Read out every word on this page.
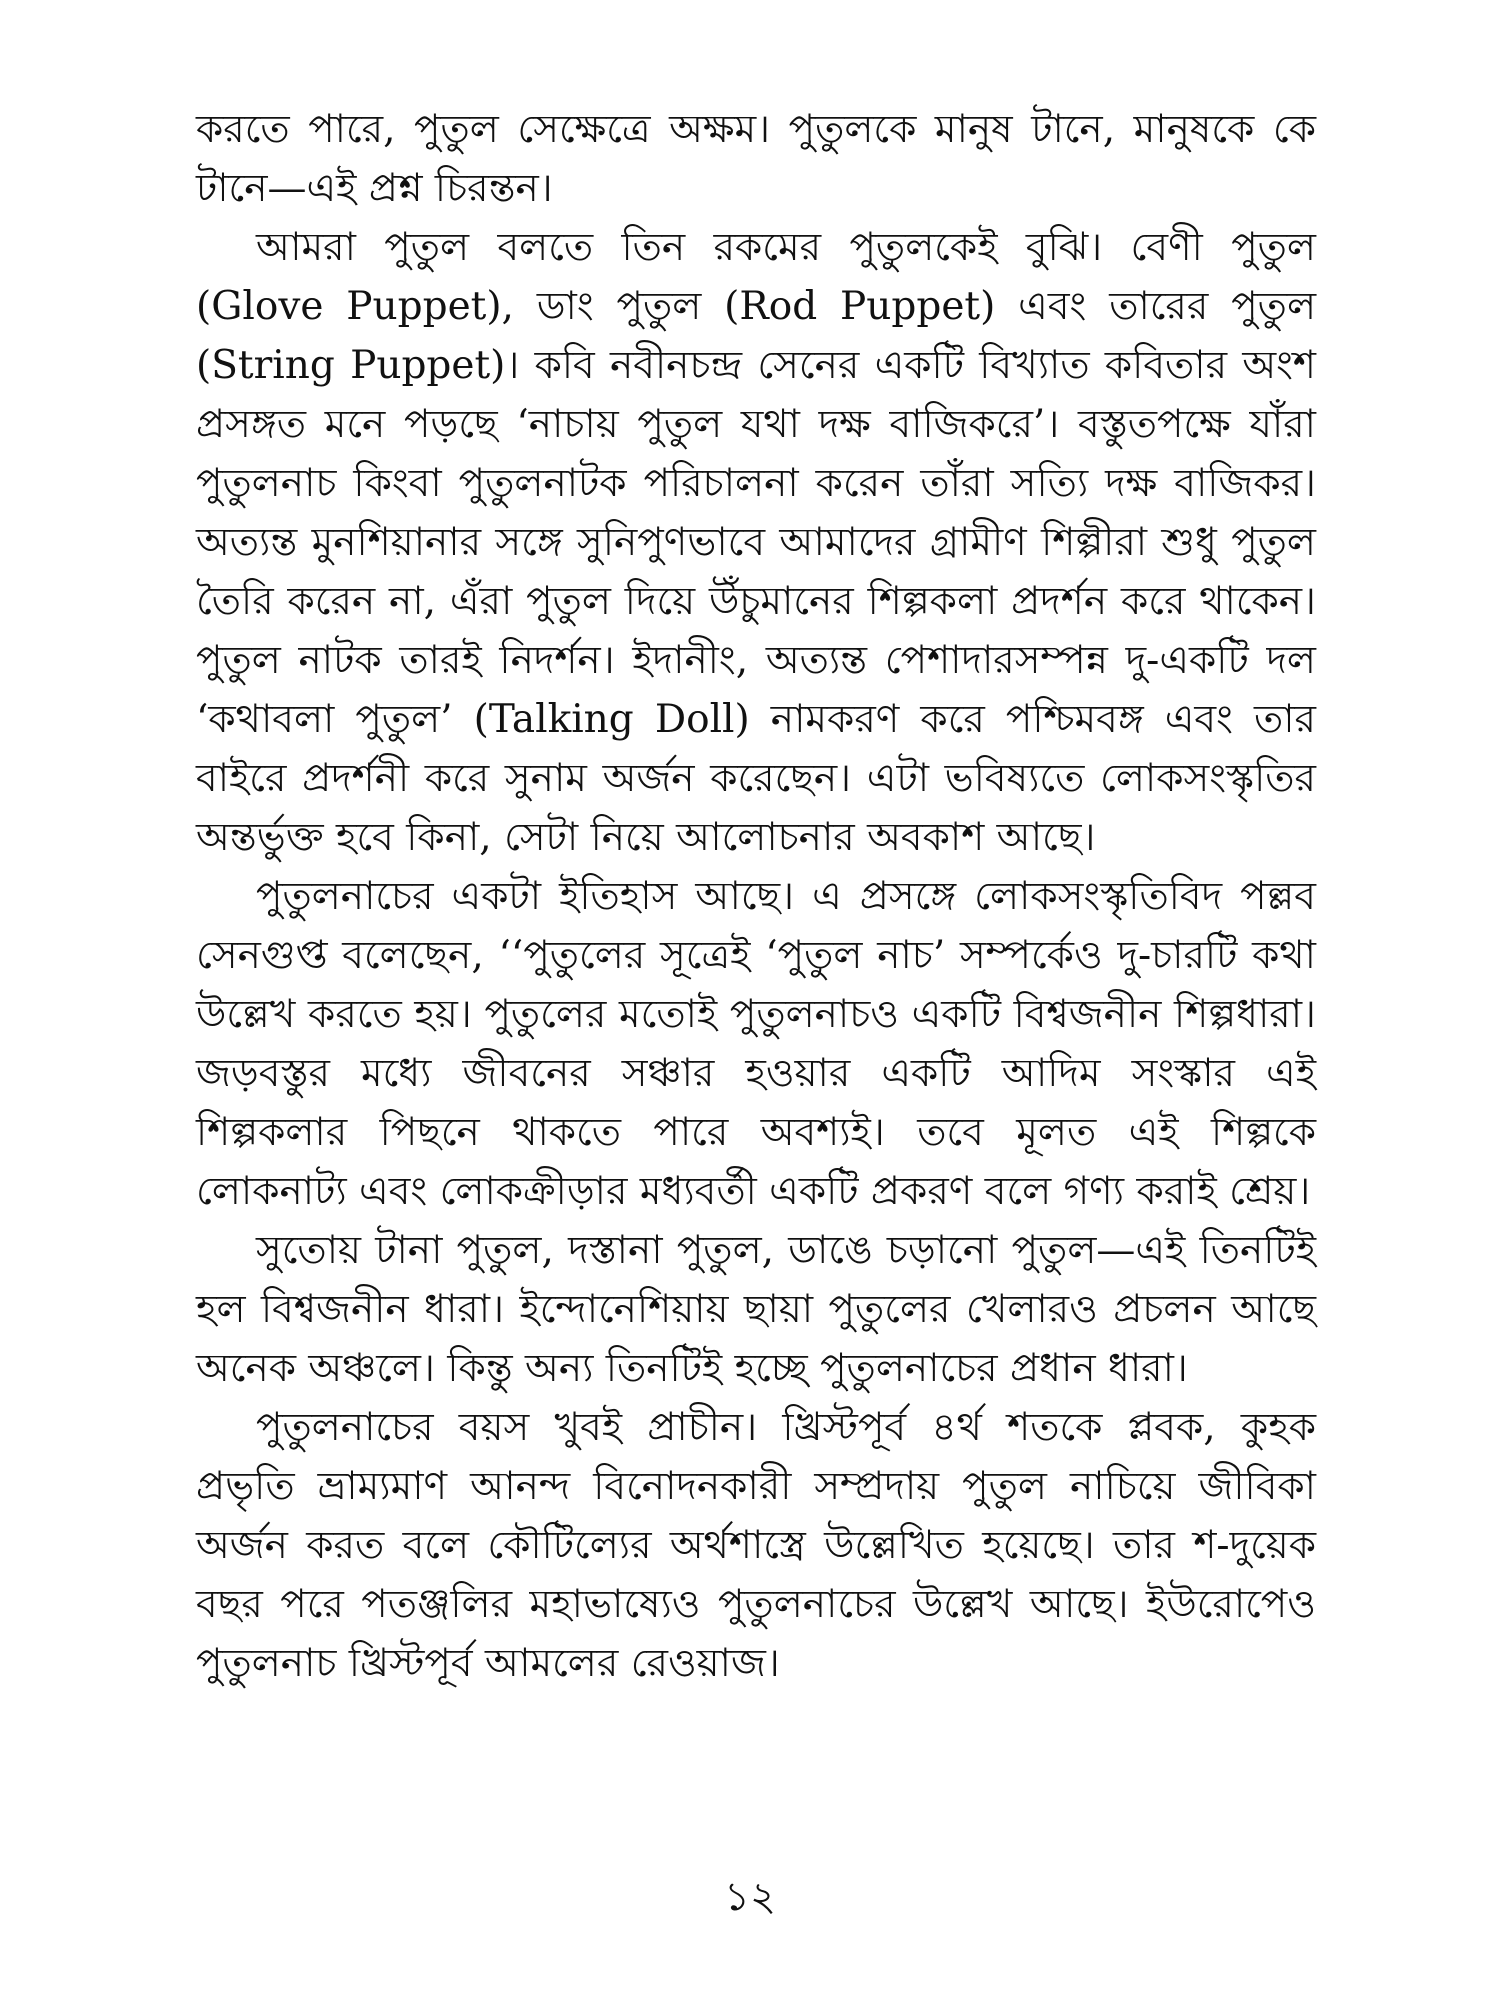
করতে পারে, পুতুল সেক্ষেত্রে অক্ষম। পুতুলকে মানুষ টানে, মানুষকে কে টানে—এই প্রশ্ন চিরন্তন।

আমরা পুতুল বলতে তিন রকমের পুতুলকেই বুঝি। বেণী পুতুল (Glove Puppet), ডাং পুতুল (Rod Puppet) এবং তারের পুতুল (String Puppet)। কবি নবীনচন্দ্র সেনের একটি বিখ্যাত কবিতার অংশ প্রসঙ্গত মনে পড়ছে ‘নাচায় পুতুল যথা দক্ষ বাজিকরে’। বস্তুতপক্ষে যাঁরা পুতুলনাচ কিংবা পুতুলনাটক পরিচালনা করেন তাঁরা সত্যি দক্ষ বাজিকর। অত্যন্ত মুনশিয়ানার সঙ্গে সুনিপুণভাবে আমাদের গ্রামীণ শিল্পীরা শুধু পুতুল তৈরি করেন না, এঁরা পুতুল দিয়ে উঁচুমানের শিল্পকলা প্রদর্শন করে থাকেন। পুতুল নাটক তারই নিদর্শন। ইদানীং, অত্যন্ত পেশাদারসম্পন্ন দু-একটি দল ‘কথাবলা পুতুল’ (Talking Doll) নামকরণ করে পশ্চিমবঙ্গ এবং তার বাইরে প্রদর্শনী করে সুনাম অর্জন করেছেন। এটা ভবিষ্যতে লোকসংস্কৃতির অন্তর্ভুক্ত হবে কিনা, সেটা নিয়ে আলোচনার অবকাশ আছে।

পুতুলনাচের একটা ইতিহাস আছে। এ প্রসঙ্গে লোকসংস্কৃতিবিদ পল্লব সেনগুপ্ত বলেছেন, ‘‘পুতুলের সূত্রেই ‘পুতুল নাচ’ সম্পর্কেও দু-চারটি কথা উল্লেখ করতে হয়। পুতুলের মতোই পুতুলনাচও একটি বিশ্বজনীন শিল্পধারা। জড়বস্তুর মধ্যে জীবনের সঞ্চার হওয়ার একটি আদিম সংস্কার এই শিল্পকলার পিছনে থাকতে পারে অবশ্যই। তবে মূলত এই শিল্পকে লোকনাট্য এবং লোকক্রীড়ার মধ্যবর্তী একটি প্রকরণ বলে গণ্য করাই শ্রেয়।

সুতোয় টানা পুতুল, দস্তানা পুতুল, ডাঙে চড়ানো পুতুল—এই তিনটিই হল বিশ্বজনীন ধারা। ইন্দোনেশিয়ায় ছায়া পুতুলের খেলারও প্রচলন আছে অনেক অঞ্চলে। কিন্তু অন্য তিনটিই হচ্ছে পুতুলনাচের প্রধান ধারা।

পুতুলনাচের বয়স খুবই প্রাচীন। খ্রিস্টপূর্ব ৪র্থ শতকে প্লবক, কুহক প্রভৃতি ভ্রাম্যমাণ আনন্দ বিনোদনকারী সম্প্রদায় পুতুল নাচিয়ে জীবিকা অর্জন করত বলে কৌটিল্যের অর্থশাস্ত্রে উল্লেখিত হয়েছে। তার শ-দুয়েক বছর পরে পতঞ্জলির মহাভাষ্যেও পুতুলনাচের উল্লেখ আছে। ইউরোপেও পুতুলনাচ খ্রিস্টপূর্ব আমলের রেওয়াজ।

১২
